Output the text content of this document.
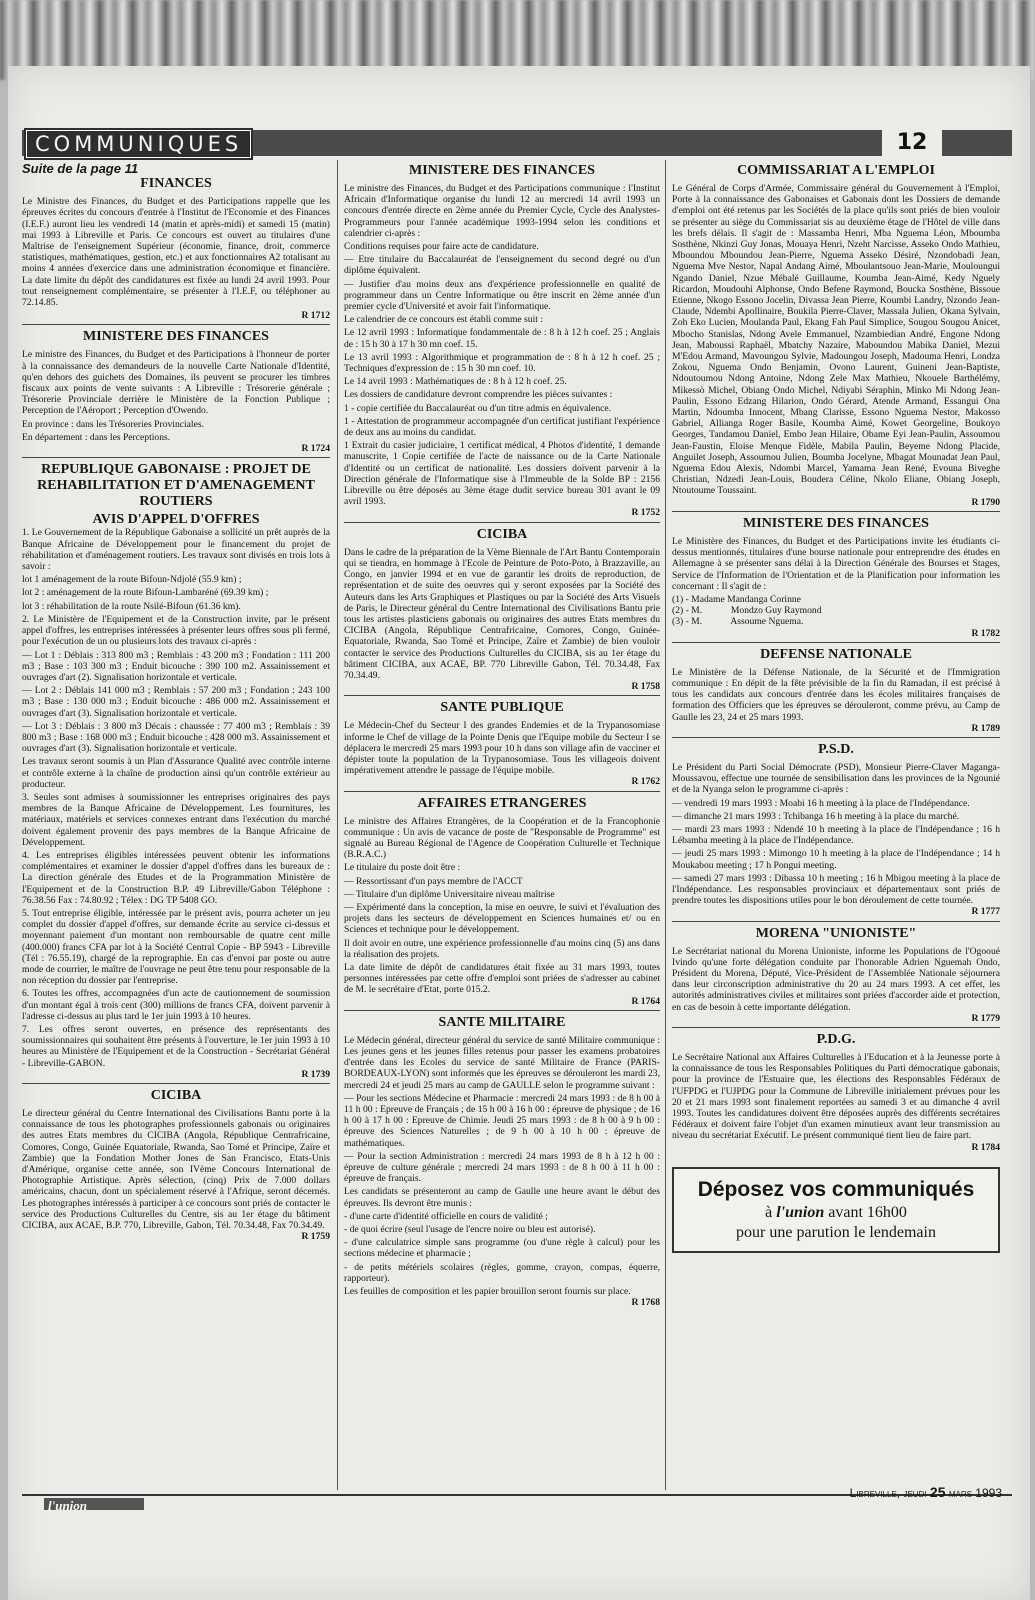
COMMUNIQUES	12
Suite de la page 11
FINANCES

Le Ministre des Finances, du Budget et des Participations rappelle que les épreuves écrites du concours d'entrée à l'Institut de l'Economie et des Finances (I.E.F.) auront lieu les vendredi 14 (matin et après-midi) et samedi 15 (matin) mai 1993 à Libreville et Paris. Ce concours est ouvert au titulaires d'une Maîtrise de l'enseignement Supérieur (économie, finance, droit, commerce statistiques, mathématiques, gestion, etc.) et aux fonctionnaires A2 totalisant au moins 4 années d'exercice dans une administration économique et financière. La date limite du dépôt des candidatures est fixée au lundi 24 avril 1993. Pour tout renseignement complémentaire, se présenter à l'I.E.F, ou téléphoner au 72.14.85.

R 1712
MINISTERE DES FINANCES

Le ministre des Finances, du Budget et des Participations à l'honneur de porter à la connaissance des demandeurs de la nouvelle Carte Nationale d'Identité, qu'en dehors des guichets des Domaines, ils peuvent se procurer les timbres fiscaux aux points de vente suivants : A Libreville : Trésorerie générale ; Trésorerie Provinciale derrière le Ministère de la Fonction Publique ; Perception de l'Aéroport ; Perception d'Owendo.

En province : dans les Trésoreries Provinciales.

En département : dans les Perceptions.

R 1724
REPUBLIQUE GABONAISE : PROJET DE REHABILITATION ET D'AMENAGEMENT ROUTIERS
AVIS D'APPEL D'OFFRES

1. Le Gouvernement de la République Gabonaise a sollicité un prêt auprès de la Banque Africaine de Développement pour le financement du projet de réhabilitation et d'aménagement routiers. Les travaux sont divisés en trois lots à savoir :

lot 1 aménagement de la route Bifoun-Ndjolé (55.9 km) ;

lot 2 : aménagement de la route Bifoun-Lambaréné (69.39 km) ;

lot 3 : réhabilitation de la route Nsilé-Bifoun (61.36 km).

2. Le Ministère de l'Equipement et de la Construction invite, par le présent appel d'offres, les entreprises intéressées à présenter leurs offres sous pli fermé, pour l'exécution de un ou plusieurs lots des travaux ci-après :

— Lot 1 : Déblais : 313 800 m3 ; Remblais : 43 200 m3 ; Fondation : 111 200 m3 ; Base : 103 300 m3 ; Enduit bicouche : 390 100 m2. Assainissement et ouvrages d'art (2). Signalisation horizontale et verticale.

— Lot 2 : Déblais 141 000 m3 ; Remblais : 57 200 m3 ; Fondation : 243 100 m3 ; Base : 130 000 m3 ; Enduit bicouche : 486 000 m2. Assainissement et ouvrages d'art (3). Signalisation horizontale et verticale.

— Lot 3 : Déblais : 3 800 m3 Décais : chaussée : 77 400 m3 ; Remblais : 39 800 m3 ; Base : 168 000 m3 ; Enduit bicouche : 428 000 m3. Assainissement et ouvrages d'art (3). Signalisation horizontale et verticale.

Les travaux seront soumis à un Plan d'Assurance Qualité avec contrôle interne et contrôle externe à la chaîne de production ainsi qu'un contrôle extérieur au producteur.

3. Seules sont admises à soumissionner les entreprises originaires des pays membres de la Banque Africaine de Développement. Les fournitures, les matériaux, matériels et services connexes entrant dans l'exécution du marché doivent également provenir des pays membres de la Banque Africaine de Développement.

4. Les entreprises éligibles intéressées peuvent obtenir les informations complémentaires et examiner le dossier d'appel d'offres dans les bureaux de : La direction générale des Etudes et de la Programmation Ministère de l'Equipement et de la Construction B.P. 49 Libreville/Gabon Téléphone : 76.38.56 Fax : 74.80.92 ; Télex : DG TP 5408 GO.

5. Tout entreprise éligible, intéressée par le présent avis, pourra acheter un jeu complet du dossier d'appel d'offres, sur demande écrite au service ci-dessus et moyennant paiement d'un montant non remboursable de quatre cent mille (400.000) francs CFA par lot à la Société Central Copie - BP 5943 - Libreville (Tél : 76.55.19), chargé de la reprographie. En cas d'envoi par poste ou autre mode de courrier, le maître de l'ouvrage ne peut être tenu pour responsable de la non réception du dossier par l'entreprise.

6. Toutes les offres, accompagnées d'un acte de cautionnement de soumission d'un montant égal à trois cent (300) millions de francs CFA, doivent parvenir à l'adresse ci-dessus au plus tard le 1er juin 1993 à 10 heures.

7. Les offres seront ouvertes, en présence des représentants des soumissionnaires qui souhaitent être présents à l'ouverture, le 1er juin 1993 à 10 heures au Ministère de l'Equipement et de la Construction - Secrétariat Général - Libreville-GABON.

R 1739
CICIBA

Le directeur général du Centre International des Civilisations Bantu porte à la connaissance de tous les photographes professionnels gabonais ou originaires des autres Etats membres du CICIBA (Angola, République Centrafricaine, Comores, Congo, Guinée Equatoriale, Rwanda, Sao Tomé et Principe, Zaïre et Zambie) que la Fondation Mother Jones de San Francisco, Etats-Unis d'Amérique, organise cette année, son IVème Concours International de Photographie Artistique. Après sélection, (cinq) Prix de 7.000 dollars américains, chacun, dont un spécialement réservé à l'Afrique, seront décernés. Les photographes intéressés à participer à ce concours sont priés de contacter le service des Productions Culturelles du Centre, sis au 1er étage du bâtiment CICIBA, aux ACAE, B.P. 770, Libreville, Gabon, Tél. 70.34.48, Fax 70.34.49.

R 1759
MINISTERE DES FINANCES

Le ministre des Finances, du Budget et des Participations communique : l'Institut Africain d'Informatique organise du lundi 12 au mercredi 14 avril 1993 un concours d'entrée directe en 2ème année du Premier Cycle, Cycle des Analystes-Programmeurs pour l'année académique 1993-1994 selon les conditions et calendrier ci-après :

Conditions requises pour faire acte de candidature.

— Etre titulaire du Baccalauréat de l'enseignement du second degré ou d'un diplôme équivalent.

— Justifier d'au moins deux ans d'expérience professionnelle en qualité de programmeur dans un Centre Informatique ou être inscrit en 2ème année d'un premier cycle d'Université et avoir fait l'informatique.

Le calendrier de ce concours est établi comme suit :

Le 12 avril 1993 : Informatique fondammentale de : 8 h à 12 h coef. 25 ; Anglais de : 15 h 30 à 17 h 30 mn coef. 15.

Le 13 avril 1993 : Algorithmique et programmation de : 8 h à 12 h coef. 25 ; Techniques d'expression de : 15 h 30 mn coef. 10.

Le 14 avril 1993 : Mathématiques de : 8 h à 12 h coef. 25.

Les dossiers de candidature devront comprendre les pièces suivantes :

1 - copie certifiée du Baccalauréat ou d'un titre admis en équivalence.

1 - Attestation de programmeur accompagnée d'un certificat justifiant l'expérience de deux ans au moins du candidat.

1 Extrait du casier judiciaire, 1 certificat médical, 4 Photos d'identité, 1 demande manuscrite, 1 Copie certifiée de l'acte de naissance ou de la Carte Nationale d'Identité ou un certificat de nationalité. Les dossiers doivent parvenir à la Direction générale de l'Informatique sise à l'Immeuble de la Solde BP : 2156 Libreville ou être déposés au 3ème étage dudit service bureau 301 avant le 09 avril 1993.

R 1752
CICIBA

Dans le cadre de la préparation de la Vème Biennale de l'Art Bantu Contemporain qui se tiendra, en hommage à l'Ecole de Peinture de Poto-Poto, à Brazzaville, au Congo, en janvier 1994 et en vue de garantir les droits de reproduction, de représentation et de suite des oeuvres qui y seront exposées par la Société des Auteurs dans les Arts Graphiques et Plastiques ou par la Société des Arts Visuels de Paris, le Directeur général du Centre International des Civilisations Bantu prie tous les artistes plasticiens gabonais ou originaires des autres Etats membres du CICIBA (Angola, République Centrafricaine, Comores, Congo, Guinée-Equatoriale, Rwanda, Sao Tomé et Principe, Zaïre et Zambie) de bien vouloir contacter le service des Productions Culturelles du CICIBA, sis au 1er étage du bâtiment CICIBA, aux ACAE, BP. 770 Libreville Gabon, Tél. 70.34.48, Fax 70.34.49.

R 1758
SANTE PUBLIQUE

Le Médecin-Chef du Secteur I des grandes Endemies et de la Trypanosomiase informe le Chef de village de la Pointe Denis que l'Equipe mobile du Secteur I se déplacera le mercredi 25 mars 1993 pour 10 h dans son village afin de vacciner et dépister toute la population de la Trypanosomiase. Tous les villageois doivent impérativement attendre le passage de l'équipe mobile.

R 1762
AFFAIRES ETRANGERES

Le ministre des Affaires Etrangères, de la Coopération et de la Francophonie communique : Un avis de vacance de poste de "Responsable de Programme" est signalé au Bureau Régional de l'Agence de Coopération Culturelle et Technique (B.R.A.C.)

Le titulaire du poste doit être :

— Ressortissant d'un pays membre de l'ACCT

— Titulaire d'un diplôme Universitaire niveau maîtrise

— Expérimenté dans la conception, la mise en oeuvre, le suivi et l'évaluation des projets dans les secteurs de développement en Sciences humaines et/ ou en Sciences et technique pour le développement.

Il doit avoir en outre, une expérience professionnelle d'au moins cinq (5) ans dans la réalisation des projets.

La date limite de dépôt de candidatures était fixée au 31 mars 1993, toutes personnes intéressées par cette offre d'emploi sont priées de s'adresser au cabinet de M. le secrétaire d'Etat, porte 015.2.

R 1764
SANTE MILITAIRE

Le Médecin général, directeur général du service de santé Militaire communique : Les jeunes gens et les jeunes filles retenus pour passer les examens probatoires d'entrée dans les Ecoles du service de santé Militaire de France (PARIS-BORDEAUX-LYON) sont informés que les épreuves se dérouleront les mardi 23, mercredi 24 et jeudi 25 mars au camp de GAULLE selon le programme suivant :

— Pour les sections Médecine et Pharmacie : mercredi 24 mars 1993 : de 8 h 00 à 11 h 00 : Epreuve de Français ; de 15 h 00 à 16 h 00 : épreuve de physique ; de 16 h 00 à 17 h 00 : Epreuve de Chimie. Jeudi 25 mars 1993 : de 8 h 00 à 9 h 00 : épreuve des Sciences Naturelles ; de 9 h 00 à 10 h 00 : épreuve de mathématiques.

— Pour la section Administration : mercredi 24 mars 1993 de 8 h à 12 h 00 : épreuve de culture générale ; mercredi 24 mars 1993 : de 8 h 00 à 11 h 00 : épreuve de français.

Les candidats se présenteront au camp de Gaulle une heure avant le début des épreuves. Ils devront être munis :

- d'une carte d'identité officielle en cours de validité ;

- de quoi écrire (seul l'usage de l'encre noire ou bleu est autorisé).

- d'une calculatrice simple sans programme (ou d'une règle à calcul) pour les sections médecine et pharmacie ;

- de petits métériels scolaires (règles, gomme, crayon, compas, équerre, rapporteur).

Les feuilles de composition et les papier brouillon seront fournis sur place.

R 1768
COMMISSARIAT A L'EMPLOI

Le Général de Corps d'Armée, Commissaire général du Gouvernement à l'Emploi, Porte à la connaissance des Gabonaises et Gabonais dont les Dossiers de demande d'emploi ont été retenus par les Sociétés de la place qu'ils sont priés de bien vouloir se présenter au siège du Commissariat sis au deuxième étage de l'Hôtel de ville dans les brefs délais. Il s'agit de : Massamba Henri, Mba Nguema Léon, Mboumba Sosthène, Nkinzi Guy Jonas, Mouaya Henri, Nzeht Narcisse, Asseko Ondo Mathieu, Mboundou Mboundou Jean-Pierre, Nguema Asseko Désiré, Nzondobadi Jean, Nguema Mve Nestor, Napal Andang Aimé, Mboulantsouo Jean-Marie, Moulounguì Ngando Daniel, Nzue Mébalé Guillaume, Koumba Jean-Aimé, Kedy Nguely Ricardon, Moudouhi Alphonse, Ondo Befene Raymond, Boucka Sosthène, Bissoue Etienne, Nkogo Essono Jocelin, Divassa Jean Pierre, Koumbi Landry, Nzondo Jean-Claude, Ndembi Apollinaire, Boukila Pierre-Claver, Massala Julien, Okana Sylvain, Zoh Eko Lucien, Moulanda Paul, Ekang Fah Paul Simplice, Sougou Sougou Anicet, Mbocho Stanislas, Ndong Avele Emmanuel, Nzambiedian André, Engone Ndong Jean, Maboussi Raphaël, Mbatchy Nazaire, Maboundou Mabika Daniel, Mezui M'Edou Armand, Mavoungou Sylvie, Madoungou Joseph, Madouma Henri, Londza Zokou, Nguema Ondo Benjamin, Ovono Laurent, Guineni Jean-Baptiste, Ndoutoumou Ndong Antoine, Ndong Zele Max Mathieu, Nkouele Barthélémy, Mikessò Michel, Obiang Ondo Michel, Ndiyabi Séraphin, Minko Mi Ndong Jean-Paulin, Essono Edzang Hilarion, Ondo Gérard, Atende Armand, Essangui Ona Martin, Ndoumba Innocent, Mbang Clarisse, Essono Nguema Nestor, Makosso Gabriel, Allianga Roger Basile, Koumba Aimé, Kowet Georgeline, Boukoyo Georges, Tandamou Daniel, Embo Jean Hilaire, Obame Eyi Jean-Paulin, Assoumou Jean-Faustin, Eloise Menque Fidèle, Mabila Paulin, Beyeme Ndong Placide, Anguilet Joseph, Assoumou Julien, Boumba Jocelyne, Mbagat Mounadat Jean Paul, Nguema Edou Alexis, Ndombi Marcel, Yamama Jean René, Evouna Biveghe Christian, Ndzedi Jean-Louis, Boudera Céline, Nkolo Eliane, Obiang Joseph, Ntoutoume Toussaint.

R 1790
MINISTERE DES FINANCES

Le Ministère des Finances, du Budget et des Participations invite les étudiants ci-dessus mentionnés, titulaires d'une bourse nationale pour entreprendre des études en Allemagne à se présenter sans délai à la Direction Générale des Bourses et Stages, Service de l'Information de l'Orientation et de la Planification pour information les concernant : Il s'agit de :

(1) - Madame Mandanga Corinne

(2) - M.            Mondzo Guy Raymond

(3) - M.            Assoume Nguema.

R 1782
DEFENSE NATIONALE

Le Ministère de la Défense Nationale, de la Sécurité et de l'Immigration communique : En dépit de la fête prévisible de la fin du Ramadan, il est précisé à tous les candidats aux concours d'entrée dans les écoles militaires françaises de formation des Officiers que les épreuves se dérouleront, comme prévu, au Camp de Gaulle les 23, 24 et 25 mars 1993.

R 1789
P.S.D.

Le Président du Parti Social Démocrate (PSD), Monsieur Pierre-Claver Maganga-Moussavou, effectue une tournée de sensibilisation dans les provinces de la Ngounié et de la Nyanga selon le programme ci-après :

— vendredi 19 mars 1993 : Moabi 16 h meeting à la place de l'Indépendance.

— dimanche 21 mars 1993 : Tchibanga 16 h meeting à la place du marché.

— mardi 23 mars 1993 : Ndendé 10 h meeting à la place de l'Indépendance ; 16 h Lébamba meeting à la place de l'Indépendance.

— jeudi 25 mars 1993 : Mimongo 10 h meeting à la place de l'Indépendance ; 14 h Moukabou meeting ; 17 h Pongui meeting.

— samedi 27 mars 1993 : Dibassa 10 h meeting ; 16 h Mbigou meeting à la place de l'Indépendance. Les responsables provinciaux et départementaux sont priés de prendre toutes les dispositions utiles pour le bon déroulement de cette tournée.

R 1777
MORENA "UNIONISTE"

Le Secrétariat national du Morena Unioniste, informe les Populations de l'Ogooué Ivindo qu'une forte délégation conduite par l'honorable Adrien Nguemah Ondo, Président du Morena, Député, Vice-Président de l'Assemblée Nationale séjournera dans leur circonscription administrative du 20 au 24 mars 1993. A cet effet, les autorités administratives civiles et militaires sont priées d'accorder aide et protection, en cas de besoin à cette importante délégation.

R 1779
P.D.G.

Le Secrétaire National aux Affaires Culturelles à l'Education et à la Jeunesse porte à la connaissance de tous les Responsables Politiques du Parti démocratique gabonais, pour la province de l'Estuaire que, les élections des Responsables Fédéraux de l'UFPDG et l'UJPDG pour la Commune de Libreville initialement prévues pour les 20 et 21 mars 1993 sont finalement reportées au samedi 3 et au dimanche 4 avril 1993. Toutes les candidatures doivent être déposées auprès des différents secrétaires Fédéraux et doivent faire l'objet d'un examen minutieux avant leur transmission au niveau du secrétariat Exécutif. Le présent communiqué tient lieu de faire part.

R 1784
Déposez vos communiqués
à l'union avant 16h00
pour une parution le lendemain
l'union
Libreville, jeudi 25 mars 1993
